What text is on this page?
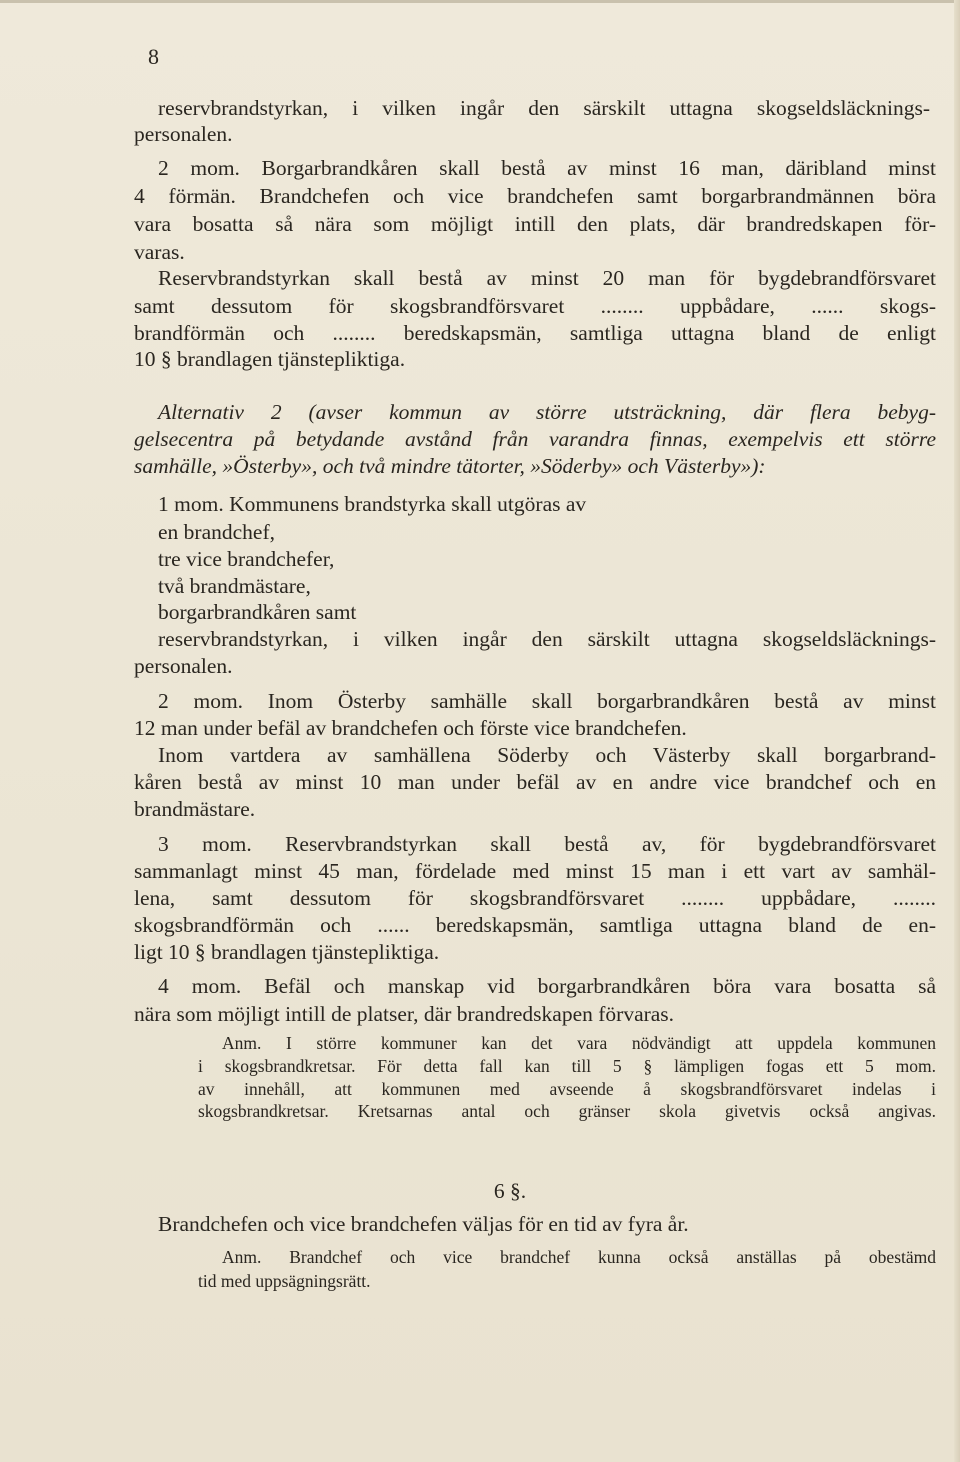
8
reservbrandstyrkan, i vilken ingår den särskilt uttagna skogseldsläcknings-
personalen.
2 mom. Borgarbrandkåren skall bestå av minst 16 man, däribland minst
4 förmän. Brandchefen och vice brandchefen samt borgarbrandmännen böra
vara bosatta så nära som möjligt intill den plats, där brandredskapen för-
varas.
Reservbrandstyrkan skall bestå av minst 20 man för bygdebrandförsvaret
samt dessutom för skogsbrandförsvaret ........ uppbådare, ...... skogs-
brandförmän och ........ beredskapsmän, samtliga uttagna bland de enligt
10 § brandlagen tjänstepliktiga.
Alternativ 2 (avser kommun av större utsträckning, där flera bebyg-
gelsecentra på betydande avstånd från varandra finnas, exempelvis ett större
samhälle, »Österby», och två mindre tätorter, »Söderby» och Västerby»):
1 mom. Kommunens brandstyrka skall utgöras av
en brandchef,
tre vice brandchefer,
två brandmästare,
borgarbrandkåren samt
reservbrandstyrkan, i vilken ingår den särskilt uttagna skogseldsläcknings-
personalen.
2 mom. Inom Österby samhälle skall borgarbrandkåren bestå av minst
12 man under befäl av brandchefen och förste vice brandchefen.
Inom vartdera av samhällena Söderby och Västerby skall borgarbrand-
kåren bestå av minst 10 man under befäl av en andre vice brandchef och en
brandmästare.
3 mom. Reservbrandstyrkan skall bestå av, för bygdebrandförsvaret
sammanlagt minst 45 man, fördelade med minst 15 man i ett vart av samhäl-
lena, samt dessutom för skogsbrandförsvaret ........ uppbådare, ........
skogsbrandförmän och ...... beredskapsmän, samtliga uttagna bland de en-
ligt 10 § brandlagen tjänstepliktiga.
4 mom. Befäl och manskap vid borgarbrandkåren böra vara bosatta så
nära som möjligt intill de platser, där brandredskapen förvaras.
Anm. I större kommuner kan det vara nödvändigt att uppdela kommunen
i skogsbrandkretsar. För detta fall kan till 5 § lämpligen fogas ett 5 mom.
av innehåll, att kommunen med avseende å skogsbrandförsvaret indelas i
skogsbrandkretsar. Kretsarnas antal och gränser skola givetvis också angivas.
6 §.
Brandchefen och vice brandchefen väljas för en tid av fyra år.
Anm. Brandchef och vice brandchef kunna också anställas på obestämd
tid med uppsägningsrätt.
